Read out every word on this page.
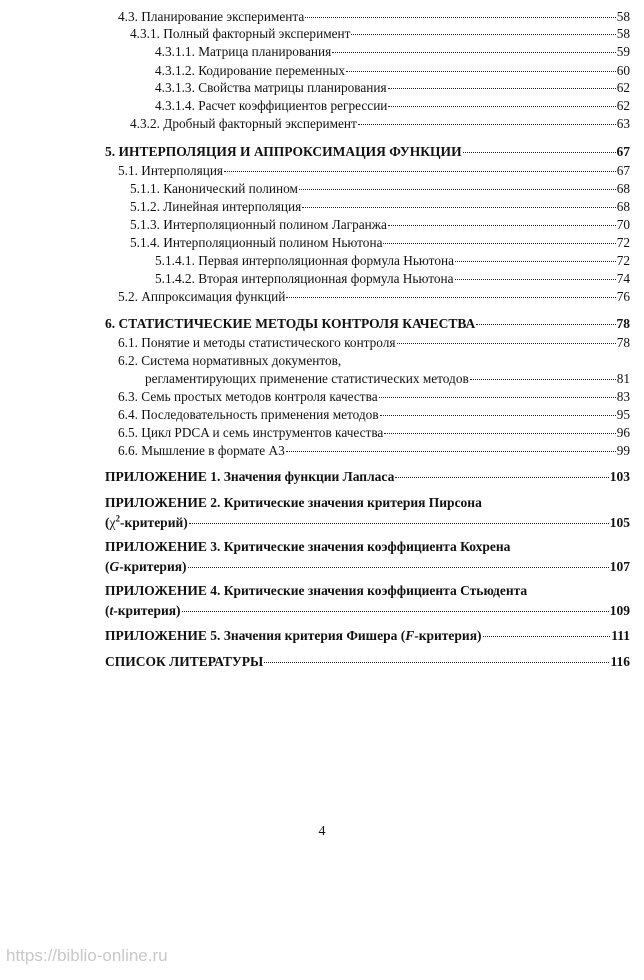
4.3. Планирование эксперимента	58
4.3.1. Полный факторный эксперимент	58
4.3.1.1. Матрица планирования	59
4.3.1.2. Кодирование переменных	60
4.3.1.3. Свойства матрицы планирования	62
4.3.1.4. Расчет коэффициентов регрессии	62
4.3.2. Дробный факторный эксперимент	63
5. ИНТЕРПОЛЯЦИЯ И АППРОКСИМАЦИЯ ФУНКЦИИ	67
5.1. Интерполяция	67
5.1.1. Канонический полином	68
5.1.2. Линейная интерполяция	68
5.1.3. Интерполяционный полином Лагранжа	70
5.1.4. Интерполяционный полином Ньютона	72
5.1.4.1. Первая интерполяционная формула Ньютона	72
5.1.4.2. Вторая интерполяционная формула Ньютона	74
5.2. Аппроксимация функций	76
6. СТАТИСТИЧЕСКИЕ МЕТОДЫ КОНТРОЛЯ КАЧЕСТВА	78
6.1. Понятие и методы статистического контроля	78
6.2. Система нормативных документов,
регламентирующих применение статистических методов	81
6.3. Семь простых методов контроля качества	83
6.4. Последовательность применения методов	95
6.5. Цикл PDCA и семь инструментов качества	96
6.6. Мышление в формате А3	99
ПРИЛОЖЕНИЕ 1. Значения функции Лапласа	103
ПРИЛОЖЕНИЕ 2. Критические значения критерия Пирсона
$(\chi^2-критерий)$	105
ПРИЛОЖЕНИЕ 3. Критические значения коэффициента Кохрена
(G-критерия)	107
ПРИЛОЖЕНИЕ 4. Критические значения коэффициента Стьюдента
(t-критерия)	109
ПРИЛОЖЕНИЕ 5. Значения критерия Фишера (F-критерия)	111
СПИСОК ЛИТЕРАТУРЫ	116
4
https://biblio-online.ru
